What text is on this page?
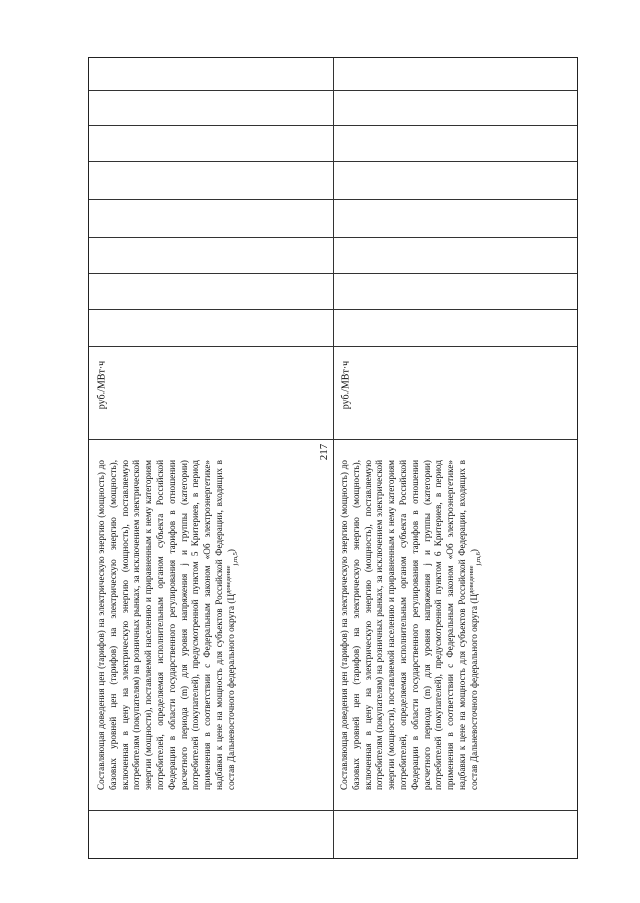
217

Составляющая доведения цен (тарифов) на электрическую энергию (мощность) до базовых уровней цен (тарифов) на электрическую энергию (мощность), включенная в цену на электрическую энергию (мощность), поставляемую потребителям (покупателям) на розничных рынках, за исключением электрической энергии (мощности), поставляемой населению и приравненным к нему категориям потребителей, определяемая исполнительным органом субъекта Российской Федерации в области государственного регулирования тарифов в отношении расчетного периода (m) для уровня напряжения j и группы (категории) потребителей (покупателей), предусмотренной пунктом 5 Критериев, в период применения в соответствии с Федеральным законом «Об электроэнергетике» надбавки к цене на мощность для субъектов Российской Федерации, входящих в состав Дальневосточного федерального округа $(Ц^{доведение}_{j,m,5})$

руб./МВт·ч

Составляющая доведения цен (тарифов) на электрическую энергию (мощность) до базовых уровней цен (тарифов) на электрическую энергию (мощность), включенная в цену на электрическую энергию (мощность), поставляемую потребителям (покупателям) на розничных рынках, за исключением электрической энергии (мощности), поставляемой населению и приравненным к нему категориям потребителей, определяемая исполнительным органом субъекта Российской Федерации в области государственного регулирования тарифов в отношении расчетного периода (m) для уровня напряжения j и группы (категории) потребителей (покупателей), предусмотренной пунктом 6 Критериев, в период применения в соответствии с Федеральным законом «Об электроэнергетике» надбавки к цене на мощность для субъектов Российской Федерации, входящих в состав Дальневосточного федерального округа $(Ц^{доведение}_{j,m,6})$

руб./МВт·ч
